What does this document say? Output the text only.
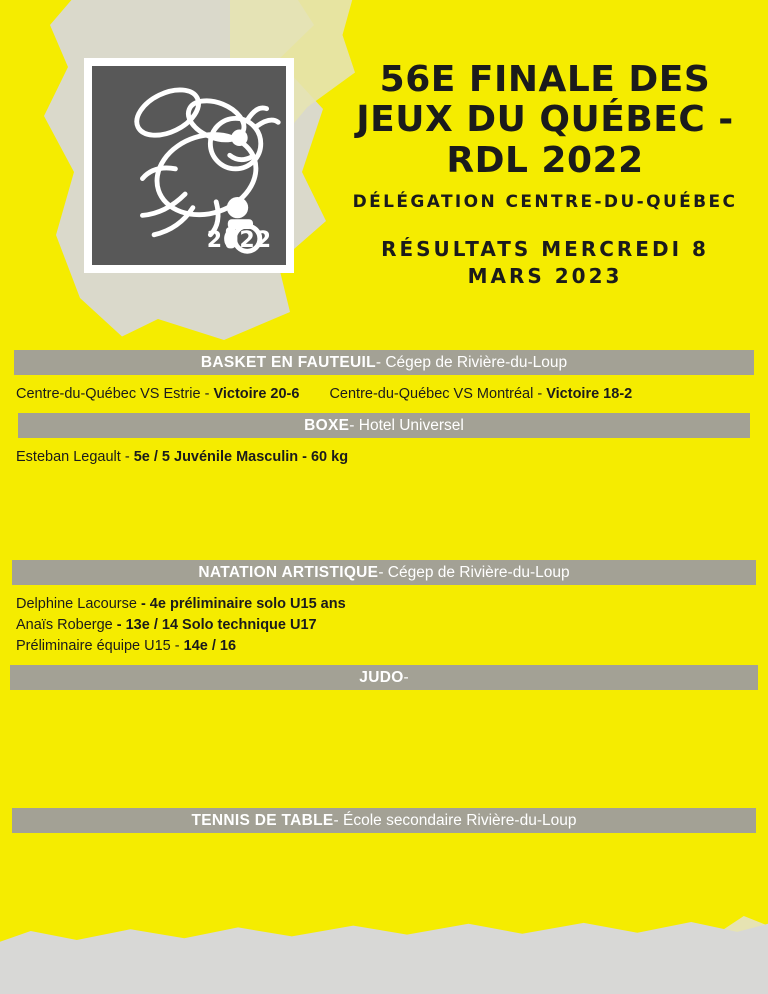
2022
56E FINALE DES JEUX DU QUÉBEC - RDL 2022
DÉLÉGATION CENTRE-DU-QUÉBEC
RÉSULTATS MERCREDI 8 MARS 2023
BASKET EN FAUTEUIL - Cégep de Rivière-du-Loup
Centre-du-Québec VS Estrie - Victoire 20-6 Centre-du-Québec VS Montréal - Victoire 18-2
BOXE - Hotel Universel
Esteban Legault - 5e / 5 Juvénile Masculin - 60 kg
NATATION ARTISTIQUE - Cégep de Rivière-du-Loup
Delphine Lacourse - 4e préliminaire solo U15 ans
Anaïs Roberge - 13e / 14 Solo technique U17
Préliminaire équipe U15 - 14e / 16
JUDO -
TENNIS DE TABLE - École secondaire Rivière-du-Loup
